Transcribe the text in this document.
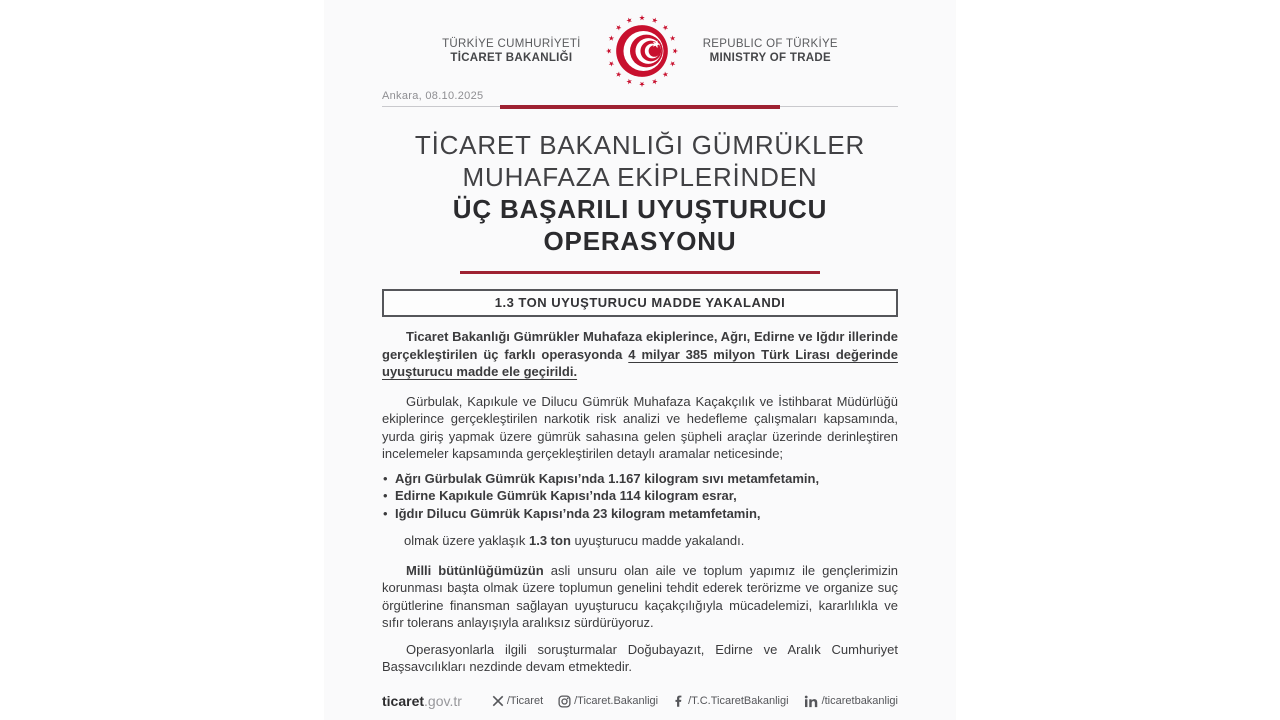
TÜRKİYE CUMHURİYETİ
TİCARET BAKANLIĞI
REPUBLIC OF TÜRKİYE
MINISTRY OF TRADE
Ankara, 08.10.2025
TİCARET BAKANLIĞI GÜMRÜKLER
MUHAFAZA EKİPLERİNDEN
ÜÇ BAŞARILI UYUŞTURUCU
OPERASYONU
1.3 TON UYUŞTURUCU MADDE YAKALANDI

Ticaret Bakanlığı Gümrükler Muhafaza ekiplerince, Ağrı, Edirne ve Iğdır illerinde gerçekleştirilen üç farklı operasyonda 4 milyar 385 milyon Türk Lirası değerinde uyuşturucu madde ele geçirildi.

Gürbulak, Kapıkule ve Dilucu Gümrük Muhafaza Kaçakçılık ve İstihbarat Müdürlüğü ekiplerince gerçekleştirilen narkotik risk analizi ve hedefleme çalışmaları kapsamında, yurda giriş yapmak üzere gümrük sahasına gelen şüpheli araçlar üzerinde derinleştiren incelemeler kapsamında gerçekleştirilen detaylı aramalar neticesinde;

• Ağrı Gürbulak Gümrük Kapısı’nda 1.167 kilogram sıvı metamfetamin,
• Edirne Kapıkule Gümrük Kapısı’nda 114 kilogram esrar,
• Iğdır Dilucu Gümrük Kapısı’nda 23 kilogram metamfetamin,

olmak üzere yaklaşık 1.3 ton uyuşturucu madde yakalandı.

Milli bütünlüğümüzün asli unsuru olan aile ve toplum yapımız ile gençlerimizin korunması başta olmak üzere toplumun genelini tehdit ederek terörizme ve organize suç örgütlerine finansman sağlayan uyuşturucu kaçakçılığıyla mücadelemizi, kararlılıkla ve sıfır tolerans anlayışıyla aralıksız sürdürüyoruz.

Operasyonlarla ilgili soruşturmalar Doğubayazıt, Edirne ve Aralık Cumhuriyet Başsavcılıkları nezdinde devam etmektedir.

ticaret.gov.tr	/Ticaret	/Ticaret.Bakanligi	/T.C.TicaretBakanligi	/ticaretbakanligi
